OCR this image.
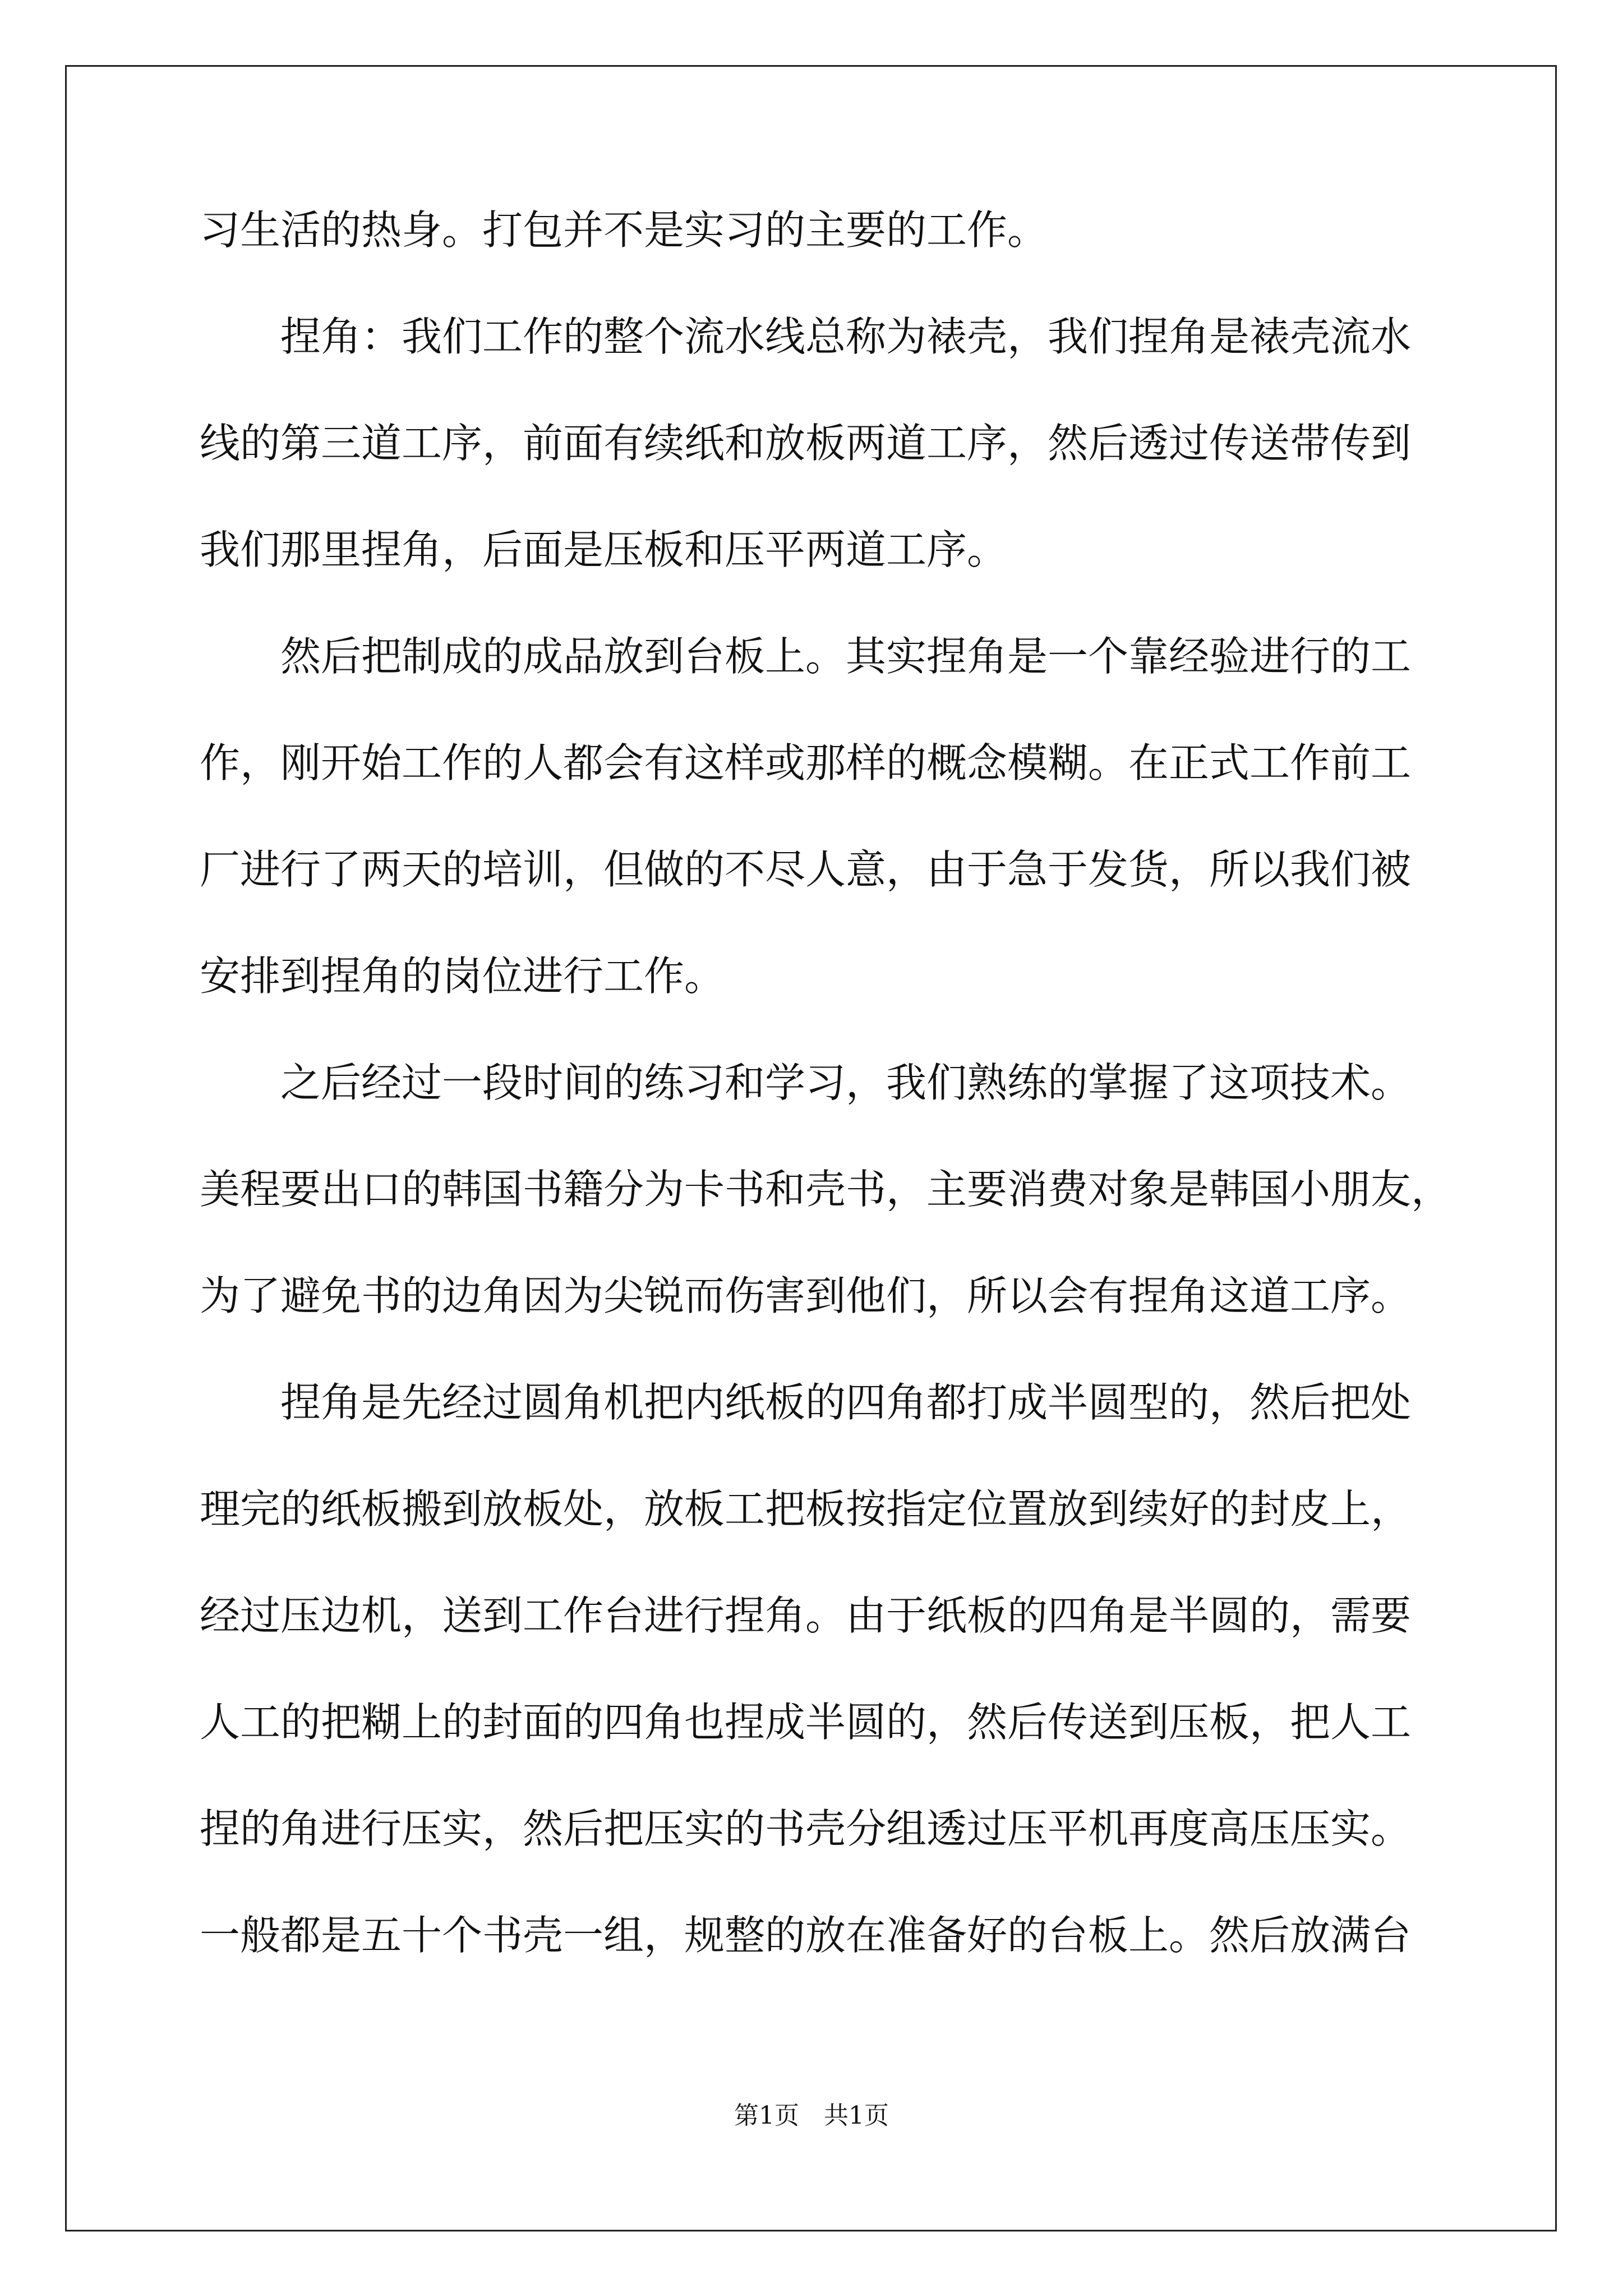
习生活的热身。打包并不是实习的主要的工作。
捏角：我们工作的整个流水线总称为裱壳，我们捏角是裱壳流水
线的第三道工序，前面有续纸和放板两道工序，然后透过传送带传到
我们那里捏角，后面是压板和压平两道工序。
然后把制成的成品放到台板上。其实捏角是一个靠经验进行的工
作，刚开始工作的人都会有这样或那样的概念模糊。在正式工作前工
厂进行了两天的培训，但做的不尽人意，由于急于发货，所以我们被
安排到捏角的岗位进行工作。
之后经过一段时间的练习和学习，我们熟练的掌握了这项技术。
美程要出口的韩国书籍分为卡书和壳书，主要消费对象是韩国小朋友，
为了避免书的边角因为尖锐而伤害到他们，所以会有捏角这道工序。
捏角是先经过圆角机把内纸板的四角都打成半圆型的，然后把处
理完的纸板搬到放板处，放板工把板按指定位置放到续好的封皮上，
经过压边机，送到工作台进行捏角。由于纸板的四角是半圆的，需要
人工的把糊上的封面的四角也捏成半圆的，然后传送到压板，把人工
捏的角进行压实，然后把压实的书壳分组透过压平机再度高压压实。
一般都是五十个书壳一组，规整的放在准备好的台板上。然后放满台
第1页　共1页
